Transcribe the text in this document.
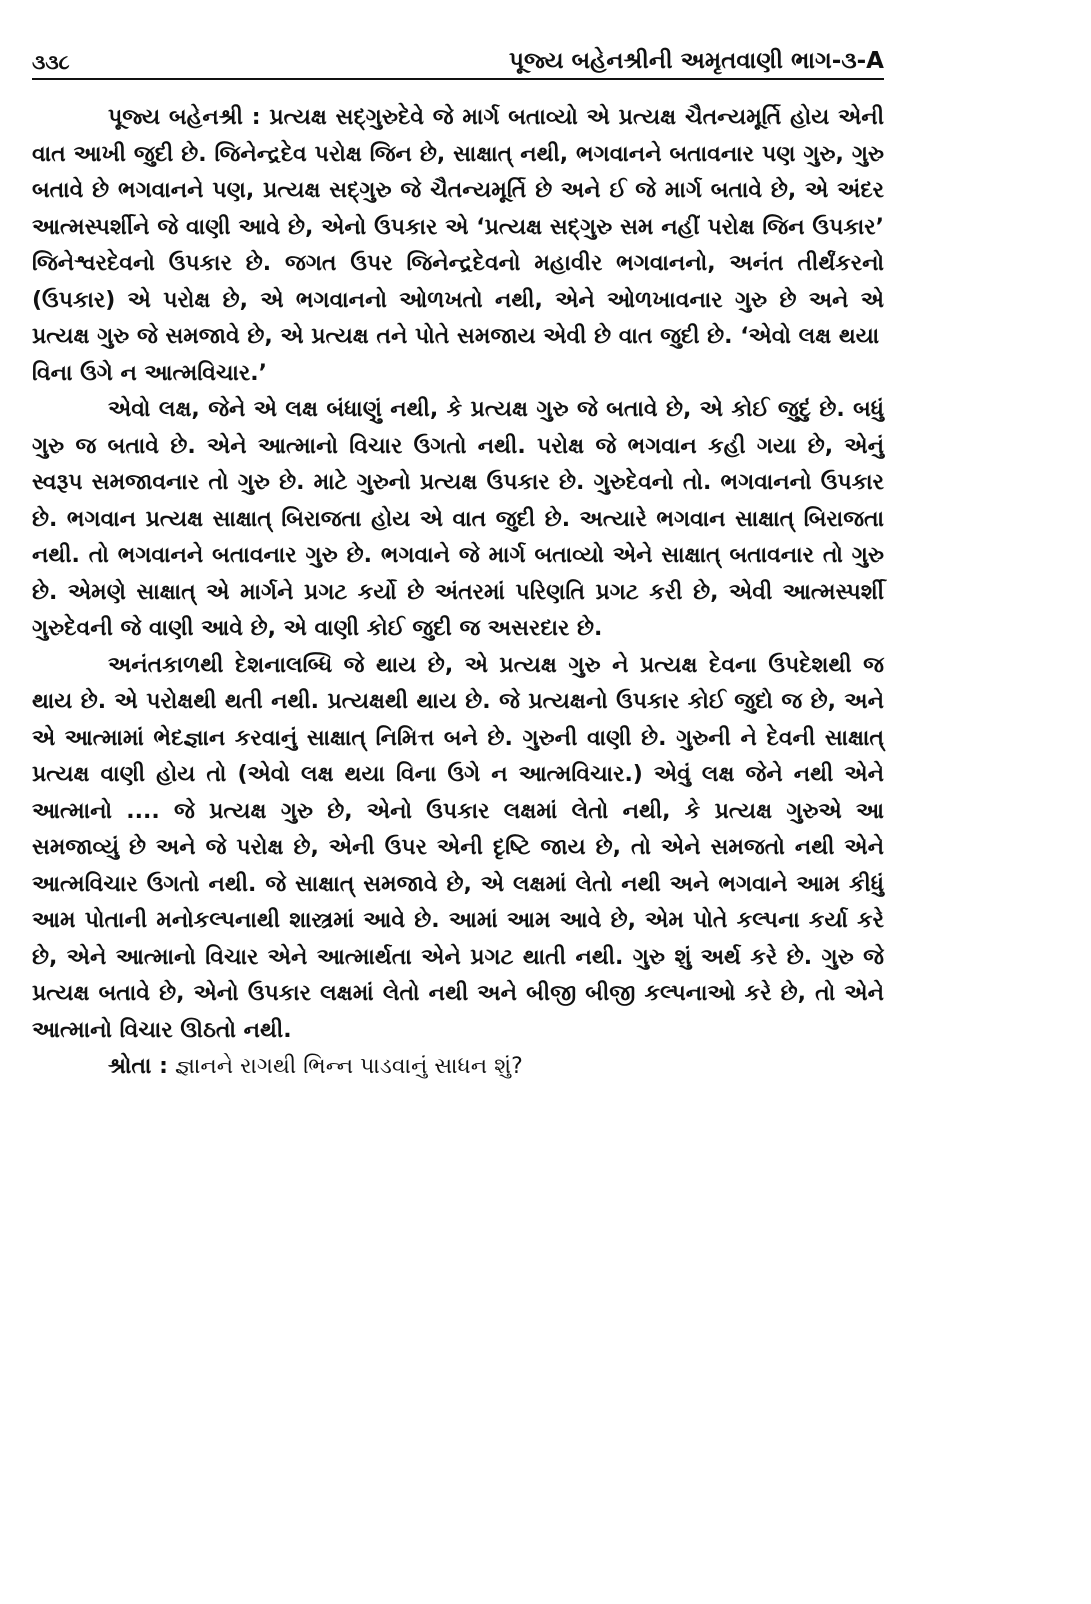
૩૩૮	પૂજ્ય બહેનશ્રીની અમૃતવાણી ભાગ-૩-A

પૂજ્ય બહેનશ્રી : પ્રત્યક્ષ સદ્ગુરુદેવે જે માર્ગ બતાવ્યો એ પ્રત્યક્ષ ચૈતન્યમૂર્તિ હોય એની વાત આખી જુદી છે. જિનેન્દ્રદેવ પરોક્ષ જિન છે, સાક્ષાત્ નથી, ભગવાનને બતાવનાર પણ ગુરુ, ગુરુ બતાવે છે ભગવાનને પણ, પ્રત્યક્ષ સદ્ગુરુ જે ચૈતન્યમૂર્તિ છે અને ઈ જે માર્ગ બતાવે છે, એ અંદર આત્મસ્પર્શીને જે વાણી આવે છે, એનો ઉપકાર એ ‘પ્રત્યક્ષ સદ્ગુરુ સમ નહીં પરોક્ષ જિન ઉપકાર’ જિનેશ્વરદેવનો ઉપકાર છે. જગત ઉપર જિનેન્દ્રદેવનો મહાવીર ભગવાનનો, અનંત તીર્થંકરનો (ઉપકાર) એ પરોક્ષ છે, એ ભગવાનનો ઓળખતો નથી, એને ઓળખાવનાર ગુરુ છે અને એ પ્રત્યક્ષ ગુરુ જે સમજાવે છે, એ પ્રત્યક્ષ તને પોતે સમજાય એવી છે વાત જુદી છે. ‘એવો લક્ષ થયા

વિના ઉગે ન આત્મવિચાર.’

એવો લક્ષ, જેને એ લક્ષ બંધાણું નથી, કે પ્રત્યક્ષ ગુરુ જે બતાવે છે, એ કોઈ જુદું છે. બધું ગુરુ જ બતાવે છે. એને આત્માનો વિચાર ઉગતો નથી. પરોક્ષ જે ભગવાન કહી ગયા છે, એનું સ્વરૂપ સમજાવનાર તો ગુરુ છે. માટે ગુરુનો પ્રત્યક્ષ ઉપકાર છે. ગુરુદેવનો તો. ભગવાનનો ઉપકાર છે. ભગવાન પ્રત્યક્ષ સાક્ષાત્ બિરાજતા હોય એ વાત જુદી છે. અત્યારે ભગવાન સાક્ષાત્ બિરાજતા નથી. તો ભગવાનને બતાવનાર ગુરુ છે. ભગવાને જે માર્ગ બતાવ્યો એને સાક્ષાત્ બતાવનાર તો ગુરુ છે. એમણે સાક્ષાત્ એ માર્ગને પ્રગટ કર્યો છે અંતરમાં પરિણતિ પ્રગટ કરી છે, એવી આત્મસ્પર્શી ગુરુદેવની જે વાણી આવે છે, એ વાણી કોઈ જુદી જ અસરદાર છે.

અનંતકાળથી દેશનાલબ્ધિ જે થાય છે, એ પ્રત્યક્ષ ગુરુ ને પ્રત્યક્ષ દેવના ઉપદેશથી જ થાય છે. એ પરોક્ષથી થતી નથી. પ્રત્યક્ષથી થાય છે. જે પ્રત્યક્ષનો ઉપકાર કોઈ જુદો જ છે, અને એ આત્મામાં ભેદજ્ઞાન કરવાનું સાક્ષાત્ નિમિત્ત બને છે. ગુરુની વાણી છે. ગુરુની ને દેવની સાક્ષાત્ પ્રત્યક્ષ વાણી હોય તો (એવો લક્ષ થયા વિના ઉગે ન આત્મવિચાર.) એવું લક્ષ જેને નથી એને આત્માનો .... જે પ્રત્યક્ષ ગુરુ છે, એનો ઉપકાર લક્ષમાં લેતો નથી, કે પ્રત્યક્ષ ગુરુએ આ સમજાવ્યું છે અને જે પરોક્ષ છે, એની ઉપર એની દૃષ્ટિ જાય છે, તો એને સમજતો નથી એને આત્મવિચાર ઉગતો નથી. જે સાક્ષાત્ સમજાવે છે, એ લક્ષમાં લેતો નથી અને ભગવાને આમ કીધું આમ પોતાની મનોકલ્પનાથી શાસ્ત્રમાં આવે છે. આમાં આમ આવે છે, એમ પોતે કલ્પના કર્યા કરે છે, એને આત્માનો વિચાર એને આત્માર્થતા એને પ્રગટ થાતી નથી. ગુરુ શું અર્થ કરે છે. ગુરુ જે પ્રત્યક્ષ બતાવે છે, એનો ઉપકાર લક્ષમાં લેતો નથી અને બીજી બીજી કલ્પનાઓ કરે છે, તો એને આત્માનો વિચાર ઊઠતો નથી.

શ્રોતા : જ્ઞાનને રાગથી ભિન્ન પાડવાનું સાધન શું?
